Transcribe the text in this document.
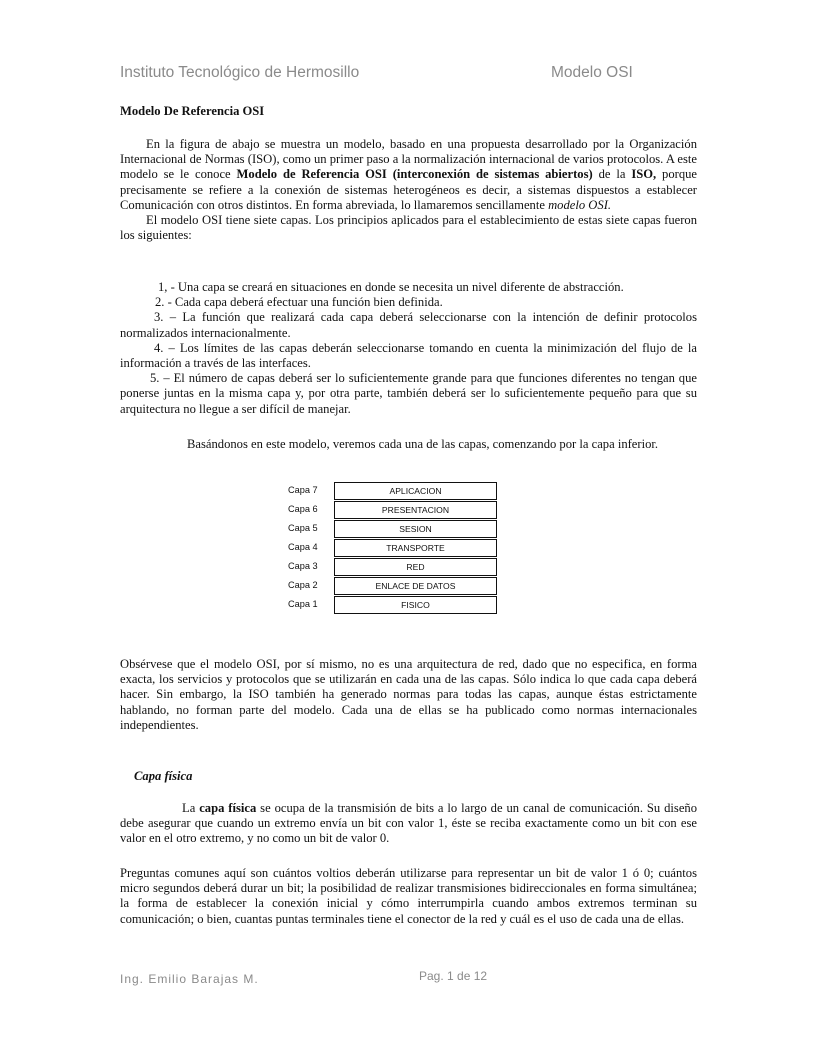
Instituto Tecnológico de Hermosillo	Modelo OSI
Modelo De Referencia OSI

En la figura de abajo se muestra un modelo, basado en una propuesta desarrollado por la Organización Internacional de Normas (ISO), como un primer paso a la normalización internacional de varios protocolos. A este modelo se le conoce Modelo de Referencia OSI (interconexión de sistemas abiertos) de la ISO, porque precisamente se refiere a la conexión de sistemas heterogéneos es decir, a sistemas dispuestos a establecer Comunicación con otros distintos. En forma abreviada, lo llamaremos sencillamente modelo OSI.

El modelo OSI tiene siete capas. Los principios aplicados para el establecimiento de estas siete capas fueron los siguientes:

1, - Una capa se creará en situaciones en donde se necesita un nivel diferente de abstracción.

2. - Cada capa deberá efectuar una función bien definida.

3. – La función que realizará cada capa deberá seleccionarse con la intención de definir protocolos normalizados internacionalmente.

4. – Los límites de las capas deberán seleccionarse tomando en cuenta la minimización del flujo de la información a través de las interfaces.

5. – El número de capas deberá ser lo suficientemente grande para que funciones diferentes no tengan que ponerse juntas en la misma capa y, por otra parte, también deberá ser lo suficientemente pequeño para que su arquitectura no llegue a ser difícil de manejar.

Basándonos en este modelo, veremos cada una de las capas, comenzando por la capa inferior.
Capa 7	APLICACION
Capa 6	PRESENTACION
Capa 5	SESION
Capa 4	TRANSPORTE
Capa 3	RED
Capa 2	ENLACE DE DATOS
Capa 1	FISICO
Obsérvese que el modelo OSI, por sí mismo, no es una arquitectura de red, dado que no especifica, en forma exacta, los servicios y protocolos que se utilizarán en cada una de las capas. Sólo indica lo que cada capa deberá hacer. Sin embargo, la ISO también ha generado normas para todas las capas, aunque éstas estrictamente hablando, no forman parte del modelo. Cada una de ellas se ha publicado como normas internacionales independientes.
Capa física
La capa física se ocupa de la transmisión de bits a lo largo de un canal de comunicación. Su diseño debe asegurar que cuando un extremo envía un bit con valor 1, éste se reciba exactamente como un bit con ese valor en el otro extremo, y no como un bit de valor 0.
Preguntas comunes aquí son cuántos voltios deberán utilizarse para representar un bit de valor 1 ó 0; cuántos micro segundos deberá durar un bit; la posibilidad de realizar transmisiones bidireccionales en forma simultánea; la forma de establecer la conexión inicial y cómo interrumpirla cuando ambos extremos terminan su comunicación; o bien, cuantas puntas terminales tiene el conector de la red y cuál es el uso de cada una de ellas.
Ing. Emilio Barajas M.	Pag. 1 de 12
